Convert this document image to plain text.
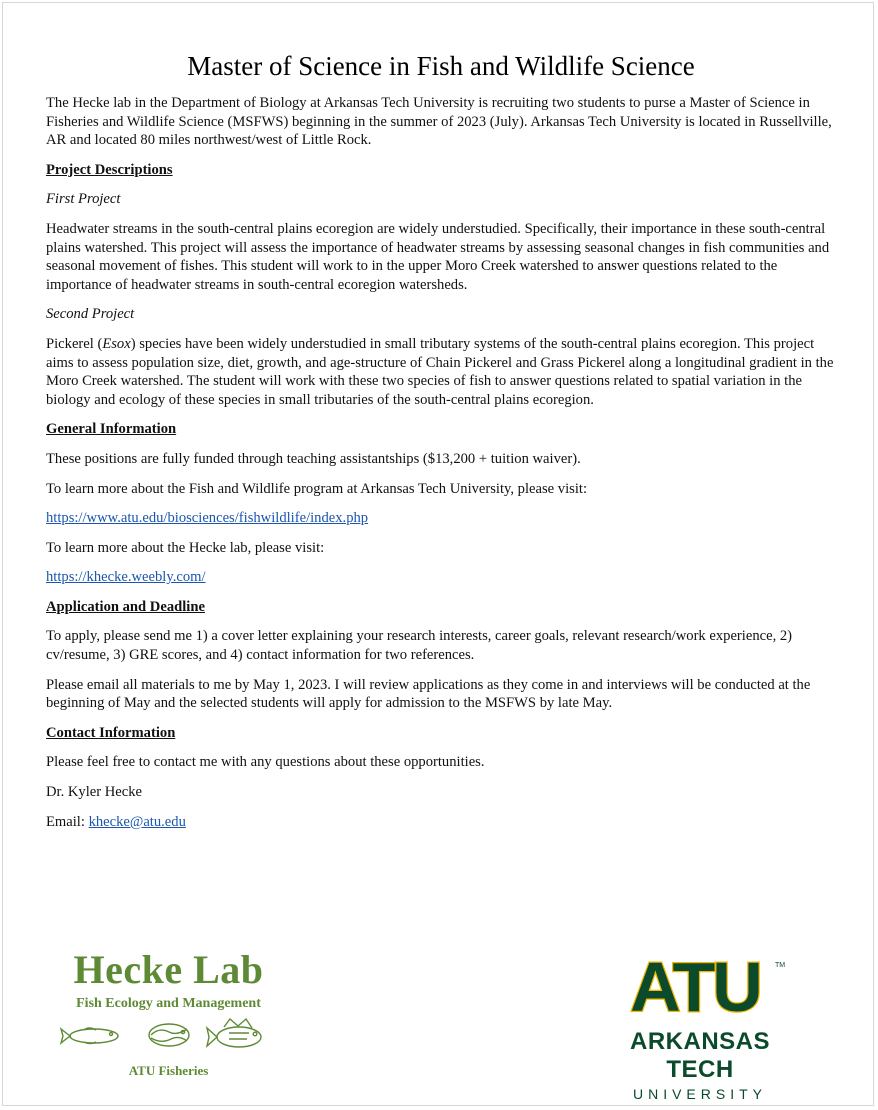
Master of Science in Fish and Wildlife Science

The Hecke lab in the Department of Biology at Arkansas Tech University is recruiting two students to purse a Master of Science in Fisheries and Wildlife Science (MSFWS) beginning in the summer of 2023 (July). Arkansas Tech University is located in Russellville, AR and located 80 miles northwest/west of Little Rock.

Project Descriptions
First Project

Headwater streams in the south-central plains ecoregion are widely understudied. Specifically, their importance in these south-central plains watershed. This project will assess the importance of headwater streams by assessing seasonal changes in fish communities and seasonal movement of fishes. This student will work to in the upper Moro Creek watershed to answer questions related to the importance of headwater streams in south-central ecoregion watersheds.

Second Project

Pickerel (Esox) species have been widely understudied in small tributary systems of the south-central plains ecoregion. This project aims to assess population size, diet, growth, and age-structure of Chain Pickerel and Grass Pickerel along a longitudinal gradient in the Moro Creek watershed. The student will work with these two species of fish to answer questions related to spatial variation in the biology and ecology of these species in small tributaries of the south-central plains ecoregion.

General Information

These positions are fully funded through teaching assistantships ($13,200 + tuition waiver).

To learn more about the Fish and Wildlife program at Arkansas Tech University, please visit:

https://www.atu.edu/biosciences/fishwildlife/index.php

To learn more about the Hecke lab, please visit:

https://khecke.weebly.com/

Application and Deadline

To apply, please send me 1) a cover letter explaining your research interests, career goals, relevant research/work experience, 2) cv/resume, 3) GRE scores, and 4) contact information for two references.

Please email all materials to me by May 1, 2023. I will review applications as they come in and interviews will be conducted at the beginning of May and the selected students will apply for admission to the MSFWS by late May.

Contact Information

Please feel free to contact me with any questions about these opportunities.

Dr. Kyler Hecke

Email: khecke@atu.edu

Hecke Lab
Fish Ecology and Management
ATU Fisheries
ATU TM
ARKANSAS TECH
UNIVERSITY
